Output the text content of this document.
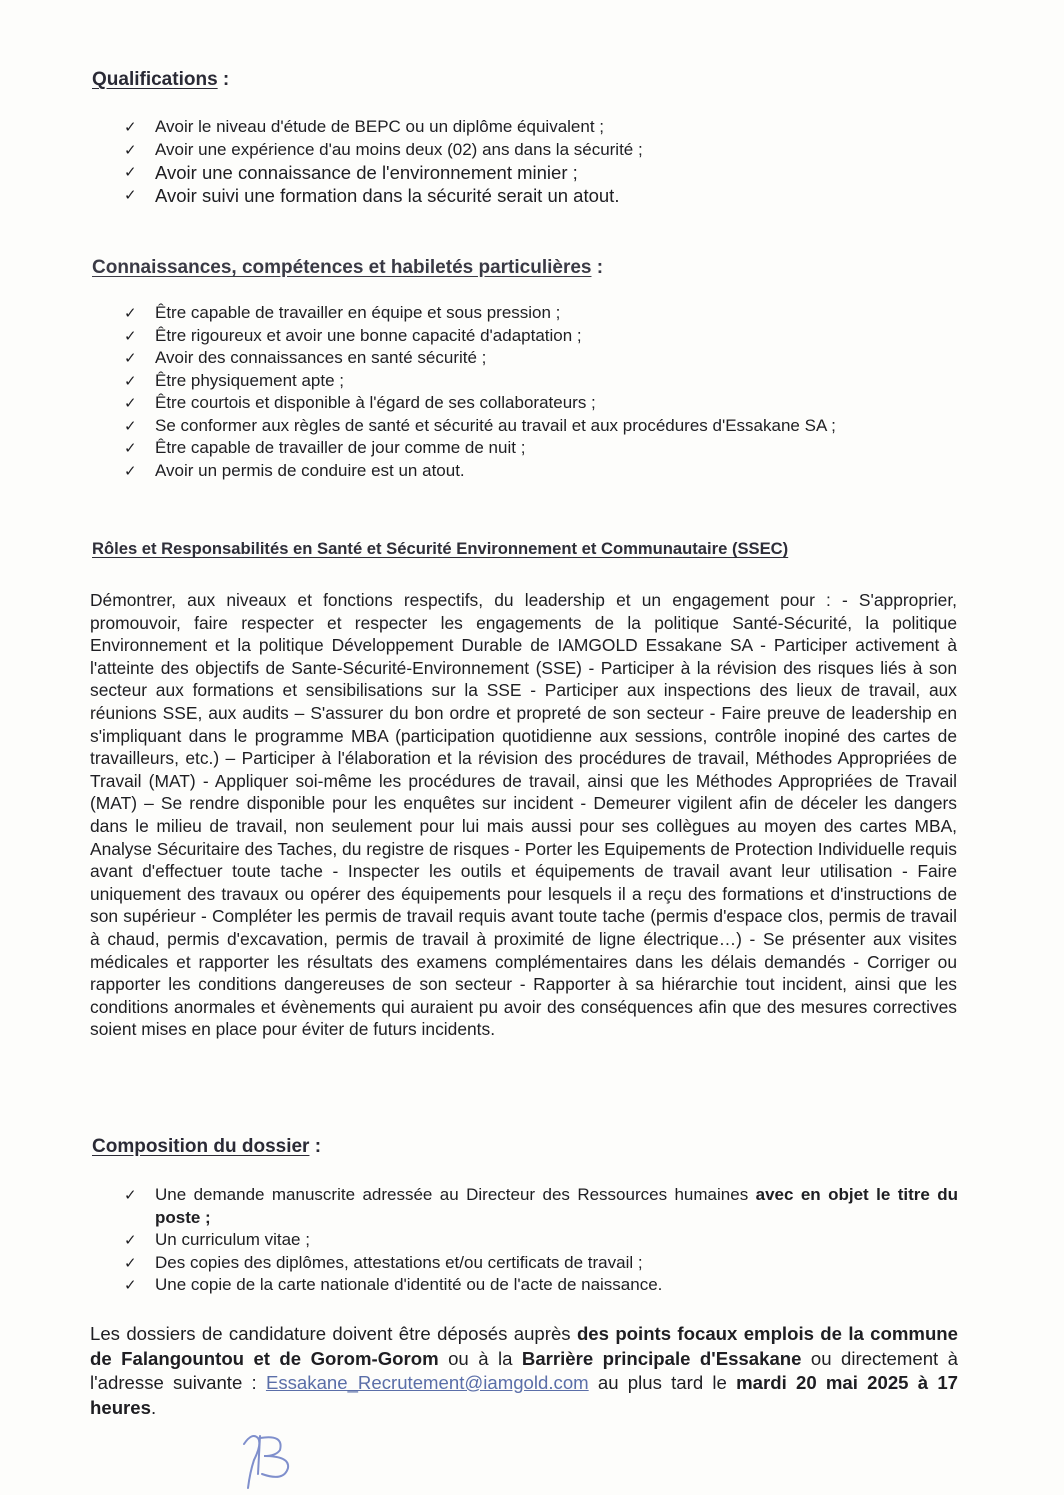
Qualifications :
✓	Avoir le niveau d'étude de BEPC ou un diplôme équivalent ;
✓	Avoir une expérience d'au moins deux (02) ans dans la sécurité ;
✓ Avoir une connaissance de l'environnement minier ;
✓ Avoir suivi une formation dans la sécurité serait un atout.
Connaissances, compétences et habiletés particulières :
✓	Être capable de travailler en équipe et sous pression ;
✓	Être rigoureux et avoir une bonne capacité d'adaptation ;
✓	Avoir des connaissances en santé sécurité ;
✓	Être physiquement apte ;
✓	Être courtois et disponible à l'égard de ses collaborateurs ;
✓	Se conformer aux règles de santé et sécurité au travail et aux procédures d'Essakane SA ;
✓	Être capable de travailler de jour comme de nuit ;
✓	Avoir un permis de conduire est un atout.
Rôles et Responsabilités en Santé et Sécurité Environnement et Communautaire (SSEC)

Démontrer, aux niveaux et fonctions respectifs, du leadership et un engagement pour : - S'approprier, promouvoir, faire respecter et respecter les engagements de la politique Santé-Sécurité, la politique Environnement et la politique Développement Durable de IAMGOLD Essakane SA - Participer activement à l'atteinte des objectifs de Sante-Sécurité-Environnement (SSE) - Participer à la révision des risques liés à son secteur aux formations et sensibilisations sur la SSE - Participer aux inspections des lieux de travail, aux réunions SSE, aux audits – S'assurer du bon ordre et propreté de son secteur - Faire preuve de leadership en s'impliquant dans le programme MBA (participation quotidienne aux sessions, contrôle inopiné des cartes de travailleurs, etc.) – Participer à l'élaboration et la révision des procédures de travail, Méthodes Appropriées de Travail (MAT) - Appliquer soi-même les procédures de travail, ainsi que les Méthodes Appropriées de Travail (MAT) – Se rendre disponible pour les enquêtes sur incident - Demeurer vigilent afin de déceler les dangers dans le milieu de travail, non seulement pour lui mais aussi pour ses collègues au moyen des cartes MBA, Analyse Sécuritaire des Taches, du registre de risques - Porter les Equipements de Protection Individuelle requis avant d'effectuer toute tache - Inspecter les outils et équipements de travail avant leur utilisation - Faire uniquement des travaux ou opérer des équipements pour lesquels il a reçu des formations et d'instructions de son supérieur - Compléter les permis de travail requis avant toute tache (permis d'espace clos, permis de travail à chaud, permis d'excavation, permis de travail à proximité de ligne électrique…) - Se présenter aux visites médicales et rapporter les résultats des examens complémentaires dans les délais demandés - Corriger ou rapporter les conditions dangereuses de son secteur - Rapporter à sa hiérarchie tout incident, ainsi que les conditions anormales et évènements qui auraient pu avoir des conséquences afin que des mesures correctives soient mises en place pour éviter de futurs incidents.

Composition du dossier :
✓	Une demande manuscrite adressée au Directeur des Ressources humaines avec en objet le titre du poste ;
✓	Un curriculum vitae ;
✓	Des copies des diplômes, attestations et/ou certificats de travail ;
✓	Une copie de la carte nationale d'identité ou de l'acte de naissance.

Les dossiers de candidature doivent être déposés auprès des points focaux emplois de la commune de Falangountou et de Gorom-Gorom ou à la Barrière principale d'Essakane ou directement à l'adresse suivante : Essakane_Recrutement@iamgold.com au plus tard le mardi 20 mai 2025 à 17 heures.
